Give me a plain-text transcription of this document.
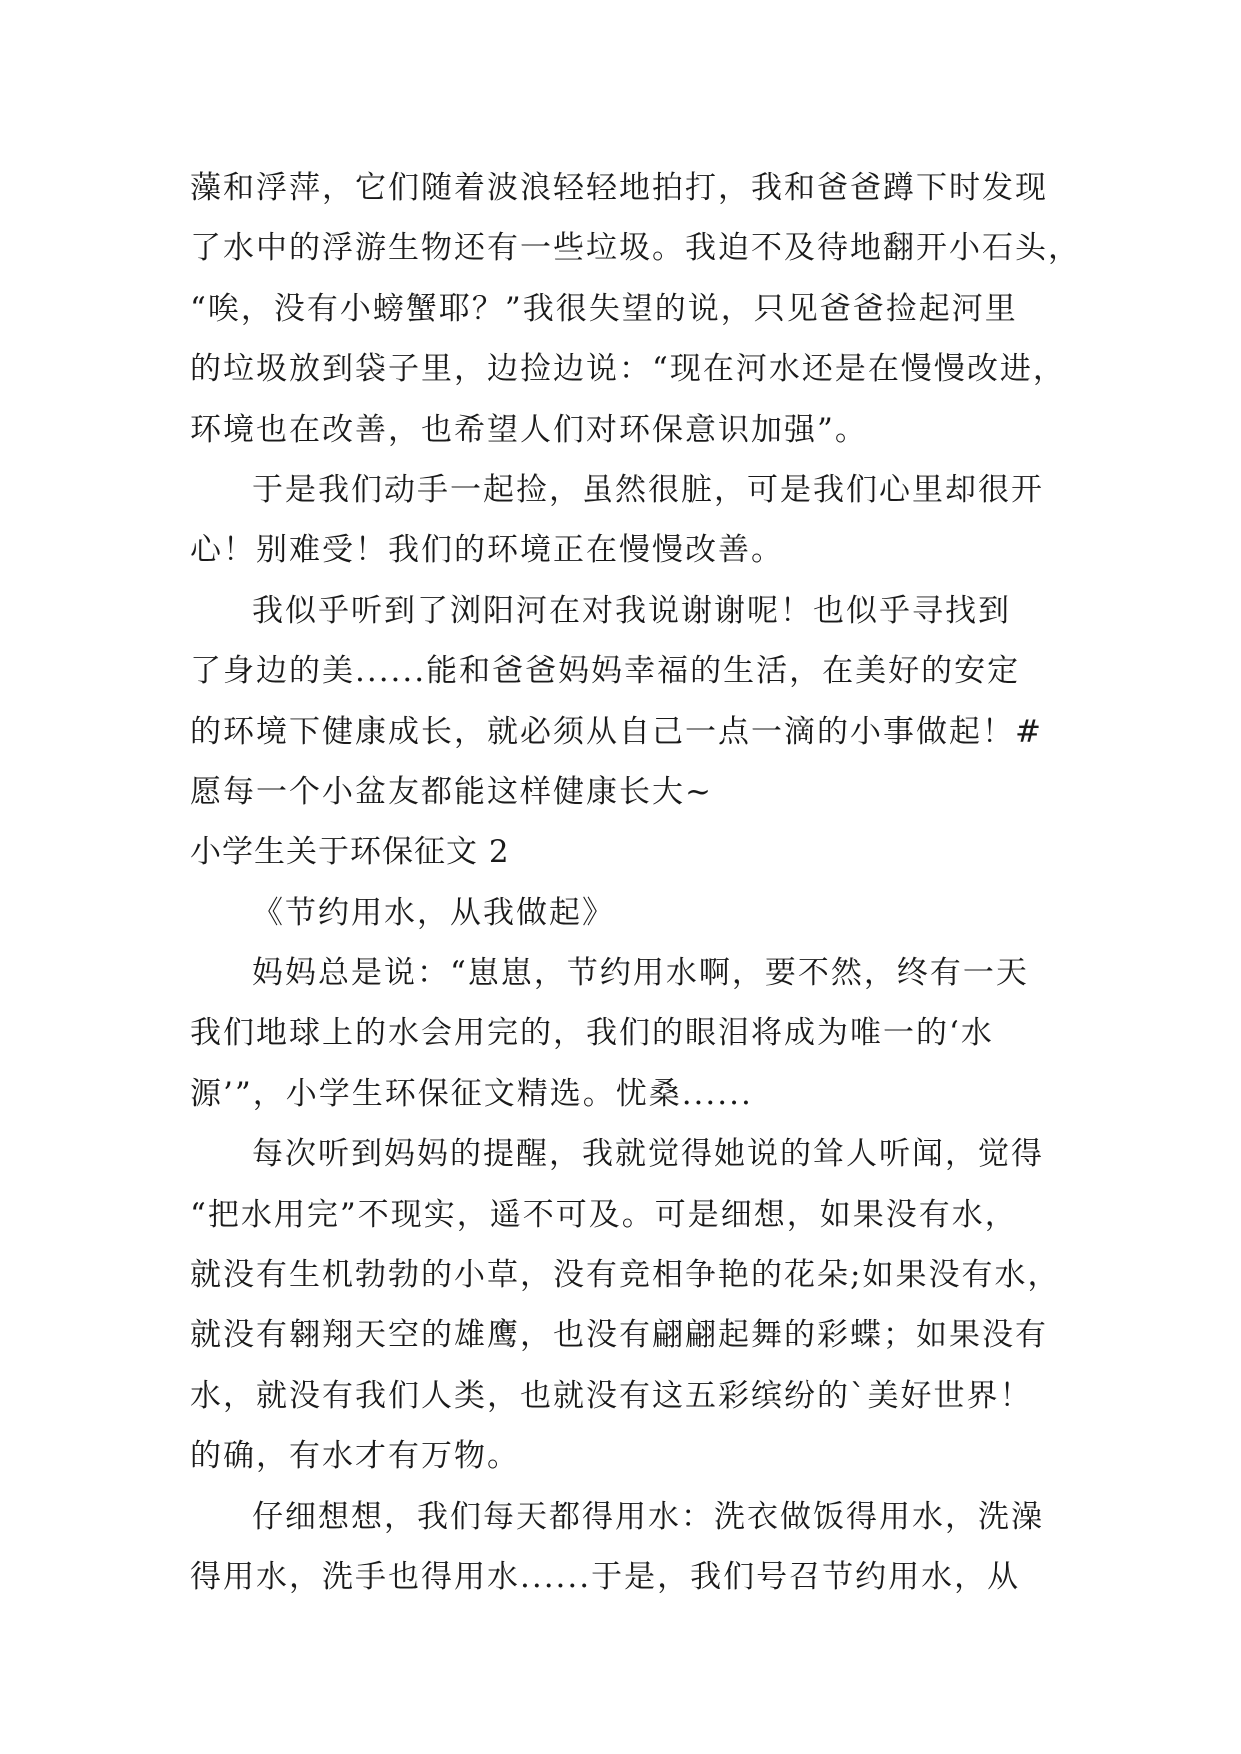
藻和浮萍，它们随着波浪轻轻地拍打，我和爸爸蹲下时发现
了水中的浮游生物还有一些垃圾。我迫不及待地翻开小石头，
“唉，没有小螃蟹耶？”我很失望的说，只见爸爸捡起河里
的垃圾放到袋子里，边捡边说：“现在河水还是在慢慢改进，
环境也在改善，也希望人们对环保意识加强”。
于是我们动手一起捡，虽然很脏，可是我们心里却很开
心！别难受！我们的环境正在慢慢改善。
我似乎听到了浏阳河在对我说谢谢呢！也似乎寻找到
了身边的美......能和爸爸妈妈幸福的生活，在美好的安定
的环境下健康成长，就必须从自己一点一滴的小事做起！#
愿每一个小盆友都能这样健康长大~
小学生关于环保征文 2
《节约用水，从我做起》
妈妈总是说：“崽崽，节约用水啊，要不然，终有一天
我们地球上的水会用完的，我们的眼泪将成为唯一的‘水
源’”，小学生环保征文精选。忧桑......
每次听到妈妈的提醒，我就觉得她说的耸人听闻，觉得
“把水用完”不现实，遥不可及。可是细想，如果没有水，
就没有生机勃勃的小草，没有竞相争艳的花朵;如果没有水，
就没有翱翔天空的雄鹰，也没有翩翩起舞的彩蝶；如果没有
水，就没有我们人类，也就没有这五彩缤纷的`美好世界！
的确，有水才有万物。
仔细想想，我们每天都得用水：洗衣做饭得用水，洗澡
得用水，洗手也得用水......于是，我们号召节约用水，从
